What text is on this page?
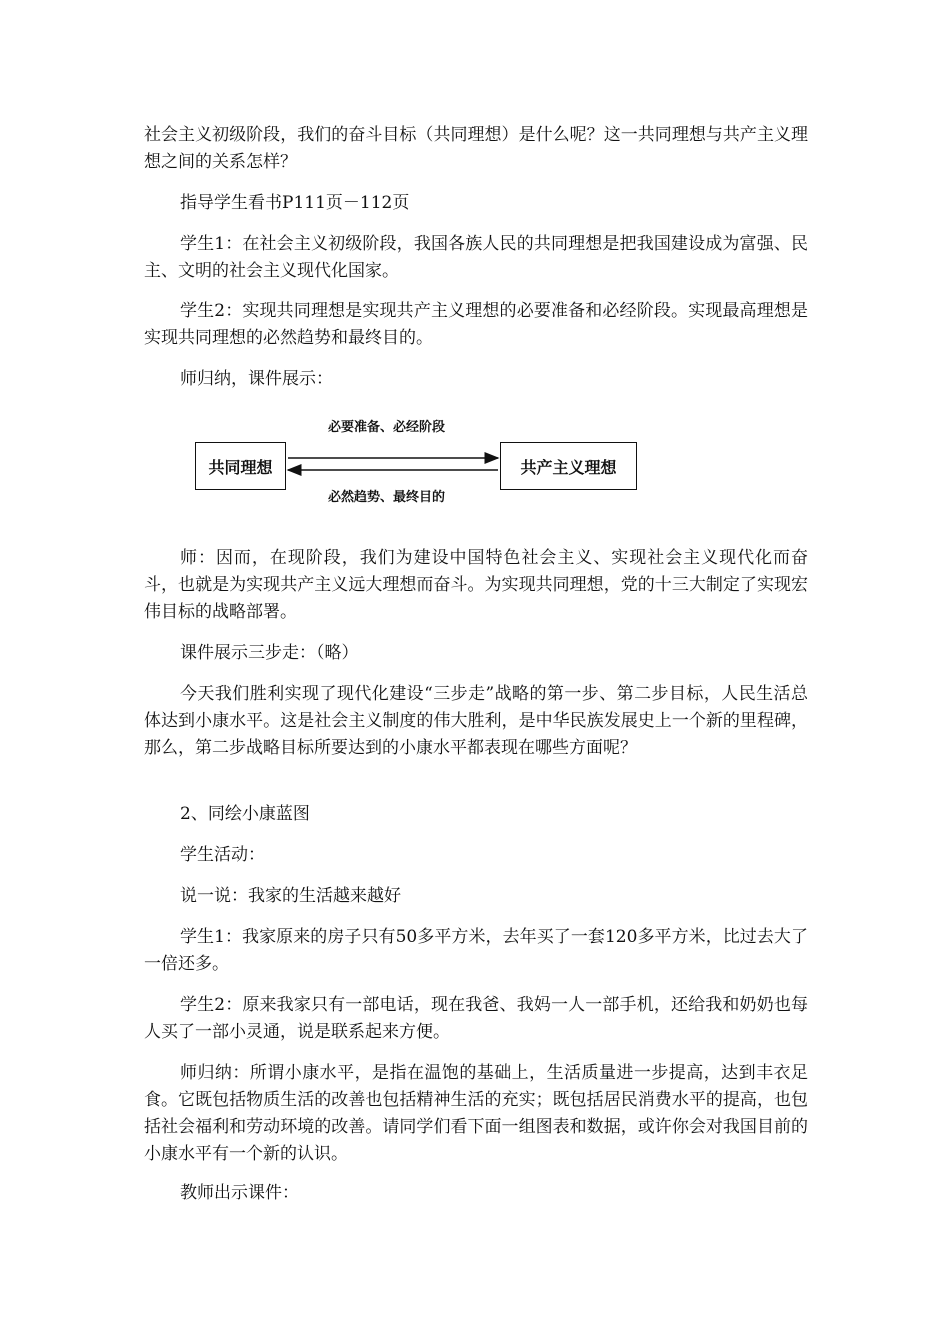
社会主义初级阶段，我们的奋斗目标（共同理想）是什么呢？这一共同理想与共产主义理想之间的关系怎样？

指导学生看书P111页－112页

学生1：在社会主义初级阶段，我国各族人民的共同理想是把我国建设成为富强、民主、文明的社会主义现代化国家。

学生2：实现共同理想是实现共产主义理想的必要准备和必经阶段。实现最高理想是实现共同理想的必然趋势和最终目的。

师归纳，课件展示：

共同理想	共产主义理想
必要准备、必经阶段
必然趋势、最终目的

师：因而，在现阶段，我们为建设中国特色社会主义、实现社会主义现代化而奋斗，也就是为实现共产主义远大理想而奋斗。为实现共同理想，党的十三大制定了实现宏伟目标的战略部署。

课件展示三步走：（略）

今天我们胜利实现了现代化建设“三步走”战略的第一步、第二步目标，人民生活总体达到小康水平。这是社会主义制度的伟大胜利，是中华民族发展史上一个新的里程碑，那么，第二步战略目标所要达到的小康水平都表现在哪些方面呢？

2、同绘小康蓝图

学生活动：

说一说：我家的生活越来越好

学生1：我家原来的房子只有50多平方米，去年买了一套120多平方米，比过去大了一倍还多。

学生2：原来我家只有一部电话，现在我爸、我妈一人一部手机，还给我和奶奶也每人买了一部小灵通，说是联系起来方便。

师归纳：所谓小康水平，是指在温饱的基础上，生活质量进一步提高，达到丰衣足食。它既包括物质生活的改善也包括精神生活的充实；既包括居民消费水平的提高，也包括社会福利和劳动环境的改善。请同学们看下面一组图表和数据，或许你会对我国目前的小康水平有一个新的认识。

教师出示课件：
